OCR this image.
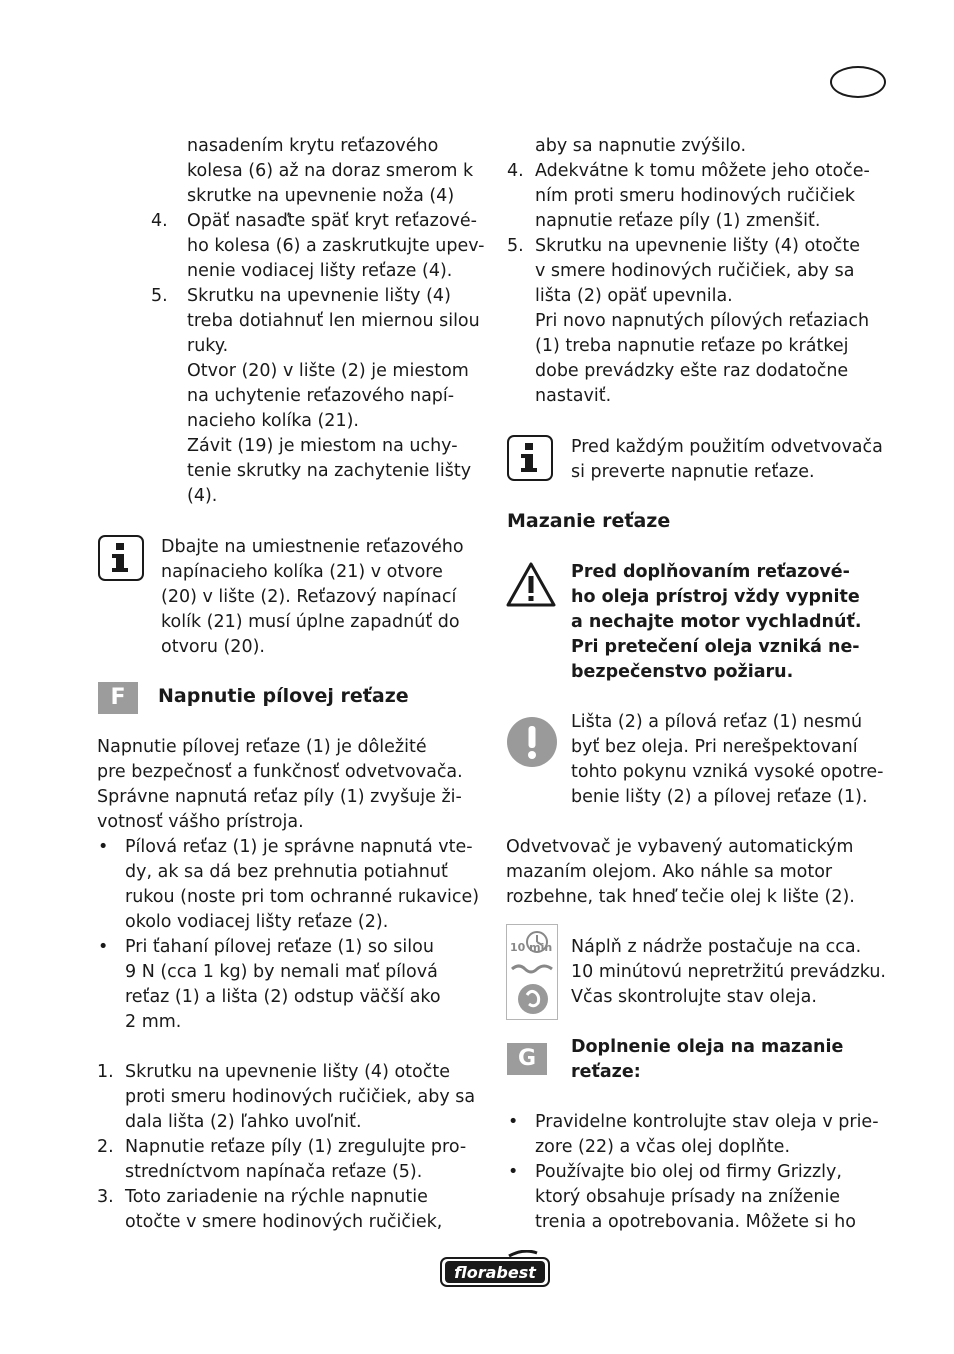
nasadením krytu reťazového
kolesa (6) až na doraz smerom k
skrutke na upevnenie noža (4)
4. Opäť nasaďte späť kryt reťazové-
ho kolesa (6) a zaskrutkujte upev-
nenie vodiacej lišty reťaze (4).
5. Skrutku na upevnenie lišty (4)
treba dotiahnuť len miernou silou
ruky.
Otvor (20) v lište (2) je miestom
na uchytenie reťazového napí-
nacieho kolíka (21).
Závit (19) je miestom na uchy-
tenie skrutky na zachytenie lišty
(4).
Dbajte na umiestnenie reťazového
napínacieho kolíka (21) v otvore
(20) v lište (2). Reťazový napínací
kolík (21) musí úplne zapadnúť do
otvoru (20).
F	Napnutie pílovej reťaze
Napnutie pílovej reťaze (1) je dôležité
pre bezpečnosť a funkčnosť odvetvovača.
Správne napnutá reťaz píly (1) zvyšuje ži-
votnosť vášho prístroja.
• Pílová reťaz (1) je správne napnutá vte-
dy, ak sa dá bez prehnutia potiahnuť
rukou (noste pri tom ochranné rukavice)
okolo vodiacej lišty reťaze (2).
• Pri ťahaní pílovej reťaze (1) so silou
9 N (cca 1 kg) by nemali mať pílová
reťaz (1) a lišta (2) odstup väčší ako
2 mm.
1. Skrutku na upevnenie lišty (4) otočte
proti smeru hodinových ručičiek, aby sa
dala lišta (2) ľahko uvoľniť.
2. Napnutie reťaze píly (1) zregulujte pro-
stredníctvom napínača reťaze (5).
3. Toto zariadenie na rýchle napnutie
otočte v smere hodinových ručičiek,
aby sa napnutie zvýšilo.
4. Adekvátne k tomu môžete jeho otoče-
ním proti smeru hodinových ručičiek
napnutie reťaze píly (1) zmenšiť.
5. Skrutku na upevnenie lišty (4) otočte
v smere hodinových ručičiek, aby sa
lišta (2) opäť upevnila.
Pri novo napnutých pílových reťaziach
(1) treba napnutie reťaze po krátkej
dobe prevádzky ešte raz dodatočne
nastaviť.
Pred každým použitím odvetvovača
si preverte napnutie reťaze.
Mazanie reťaze
Pred doplňovaním reťazové-
ho oleja prístroj vždy vypnite
a nechajte motor vychladnúť.
Pri pretečení oleja vzniká ne-
bezpečenstvo požiaru.
Lišta (2) a pílová reťaz (1) nesmú
byť bez oleja. Pri nerešpektovaní
tohto pokynu vzniká vysoké opotre-
benie lišty (2) a pílovej reťaze (1).
Odvetvovač je vybavený automatickým
mazaním olejom. Ako náhle sa motor
rozbehne, tak hneď tečie olej k lište (2).
10 min Náplň z nádrže postačuje na cca.
10 minútovú nepretržitú prevádzku.
Včas skontrolujte stav oleja.
G	Doplnenie oleja na mazanie
reťaze:
• Pravidelne kontrolujte stav oleja v prie-
zore (22) a včas olej doplňte.
• Používajte bio olej od firmy Grizzly,
ktorý obsahuje prísady na zníženie
trenia a opotrebovania. Môžete si ho
florabest
